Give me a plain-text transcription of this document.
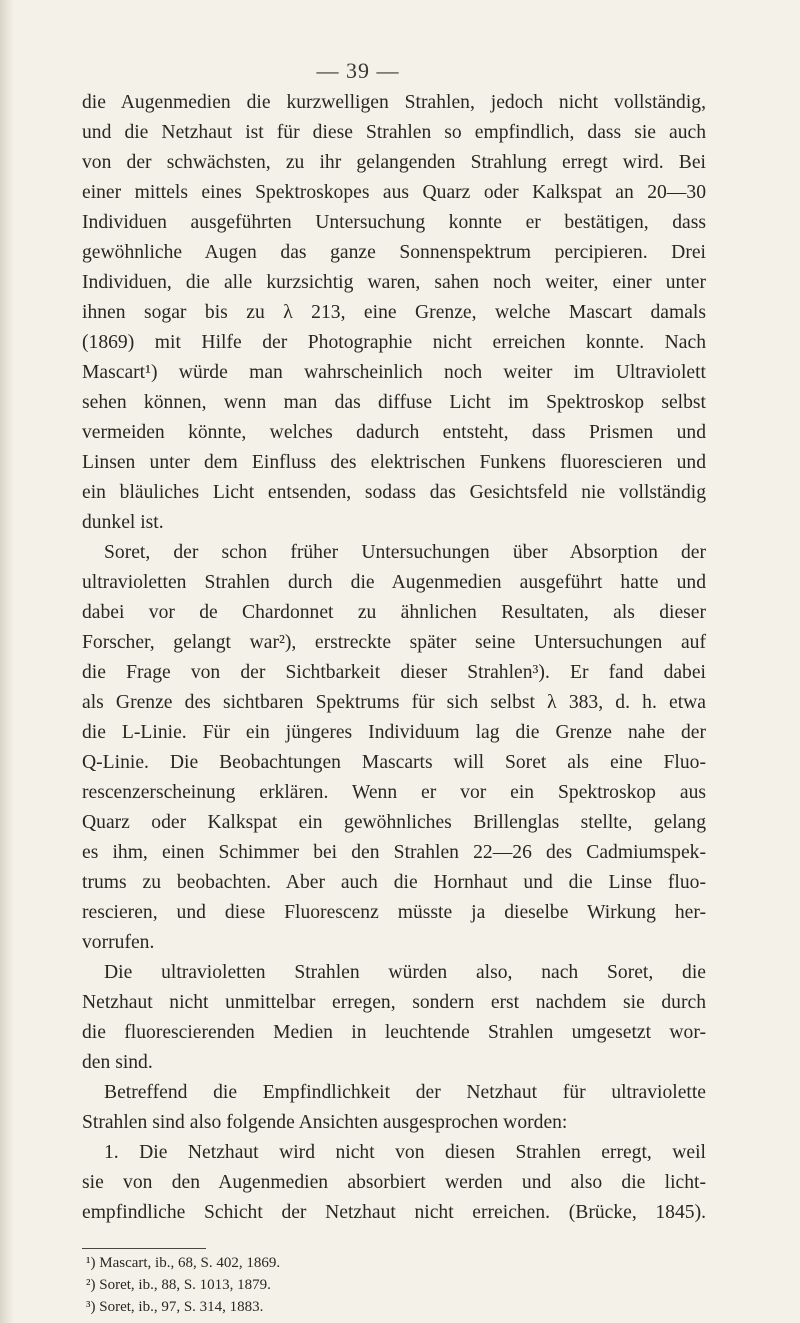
— 39 —
die Augenmedien die kurzwelligen Strahlen, jedoch nicht vollständig,
und die Netzhaut ist für diese Strahlen so empfindlich, dass sie auch
von der schwächsten, zu ihr gelangenden Strahlung erregt wird. Bei
einer mittels eines Spektroskopes aus Quarz oder Kalkspat an 20—30
Individuen ausgeführten Untersuchung konnte er bestätigen, dass
gewöhnliche Augen das ganze Sonnenspektrum percipieren. Drei
Individuen, die alle kurzsichtig waren, sahen noch weiter, einer unter
ihnen sogar bis zu λ 213, eine Grenze, welche Mascart damals
(1869) mit Hilfe der Photographie nicht erreichen konnte. Nach
Mascart¹) würde man wahrscheinlich noch weiter im Ultraviolett
sehen können, wenn man das diffuse Licht im Spektroskop selbst
vermeiden könnte, welches dadurch entsteht, dass Prismen und
Linsen unter dem Einfluss des elektrischen Funkens fluorescieren und
ein bläuliches Licht entsenden, sodass das Gesichtsfeld nie vollständig
dunkel ist.
Soret, der schon früher Untersuchungen über Absorption der
ultravioletten Strahlen durch die Augenmedien ausgeführt hatte und
dabei vor de Chardonnet zu ähnlichen Resultaten, als dieser
Forscher, gelangt war²), erstreckte später seine Untersuchungen auf
die Frage von der Sichtbarkeit dieser Strahlen³). Er fand dabei
als Grenze des sichtbaren Spektrums für sich selbst λ 383, d. h. etwa
die L-Linie. Für ein jüngeres Individuum lag die Grenze nahe der
Q-Linie. Die Beobachtungen Mascarts will Soret als eine Fluo-
rescenzerscheinung erklären. Wenn er vor ein Spektroskop aus
Quarz oder Kalkspat ein gewöhnliches Brillenglas stellte, gelang
es ihm, einen Schimmer bei den Strahlen 22—26 des Cadmiumspek-
trums zu beobachten. Aber auch die Hornhaut und die Linse fluo-
rescieren, und diese Fluorescenz müsste ja dieselbe Wirkung her-
vorrufen.
Die ultravioletten Strahlen würden also, nach Soret, die
Netzhaut nicht unmittelbar erregen, sondern erst nachdem sie durch
die fluorescierenden Medien in leuchtende Strahlen umgesetzt wor-
den sind.
Betreffend die Empfindlichkeit der Netzhaut für ultraviolette
Strahlen sind also folgende Ansichten ausgesprochen worden:
1. Die Netzhaut wird nicht von diesen Strahlen erregt, weil
sie von den Augenmedien absorbiert werden und also die licht-
empfindliche Schicht der Netzhaut nicht erreichen. (Brücke, 1845).
¹) Mascart, ib., 68, S. 402, 1869.
²) Soret, ib., 88, S. 1013, 1879.
³) Soret, ib., 97, S. 314, 1883.
